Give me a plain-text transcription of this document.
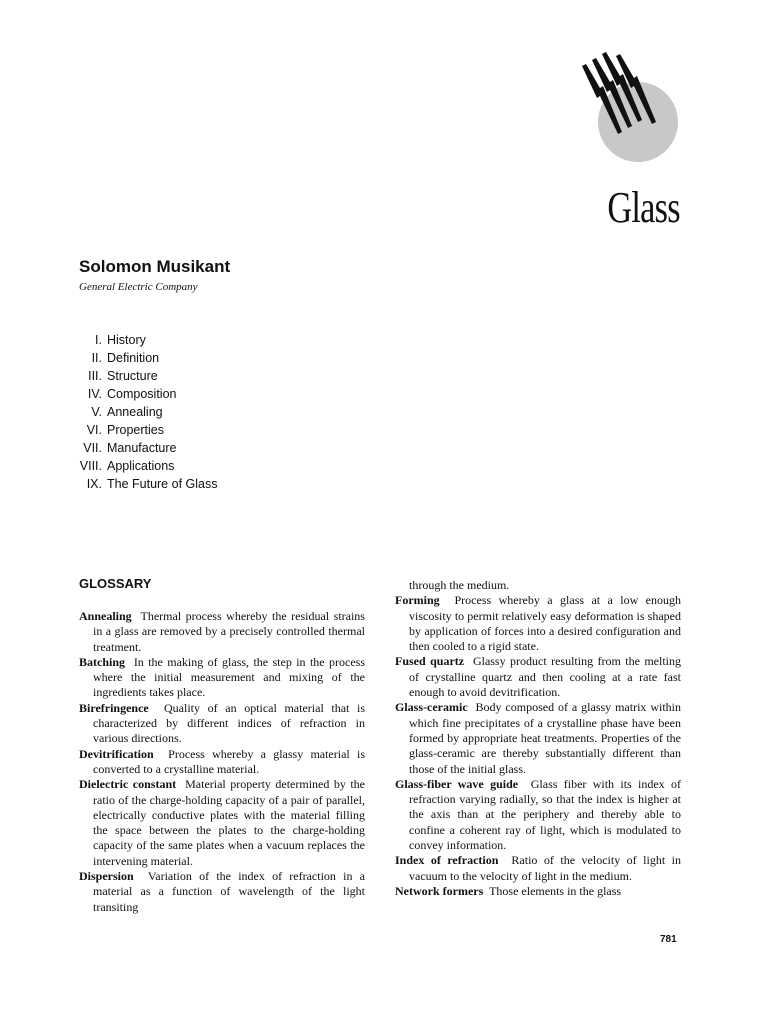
Glass
Solomon Musikant
General Electric Company
I. History
II. Definition
III. Structure
IV. Composition
V. Annealing
VI. Properties
VII. Manufacture
VIII. Applications
IX. The Future of Glass
GLOSSARY

Annealing Thermal process whereby the residual strains in a glass are removed by a precisely controlled thermal treatment.

Batching In the making of glass, the step in the process where the initial measurement and mixing of the ingredients takes place.

Birefringence Quality of an optical material that is characterized by different indices of refraction in various directions.

Devitrification Process whereby a glassy material is converted to a crystalline material.

Dielectric constant Material property determined by the ratio of the charge-holding capacity of a pair of parallel, electrically conductive plates with the material filling the space between the plates to the charge-holding capacity of the same plates when a vacuum replaces the intervening material.

Dispersion Variation of the index of refraction in a material as a function of wavelength of the light transiting

through the medium.

Forming Process whereby a glass at a low enough viscosity to permit relatively easy deformation is shaped by application of forces into a desired configuration and then cooled to a rigid state.

Fused quartz Glassy product resulting from the melting of crystalline quartz and then cooling at a rate fast enough to avoid devitrification.

Glass-ceramic Body composed of a glassy matrix within which fine precipitates of a crystalline phase have been formed by appropriate heat treatments. Properties of the glass-ceramic are thereby substantially different than those of the initial glass.

Glass-fiber wave guide Glass fiber with its index of refraction varying radially, so that the index is higher at the axis than at the periphery and thereby able to confine a coherent ray of light, which is modulated to convey information.

Index of refraction Ratio of the velocity of light in vacuum to the velocity of light in the medium.

Network formers Those elements in the glass

781
